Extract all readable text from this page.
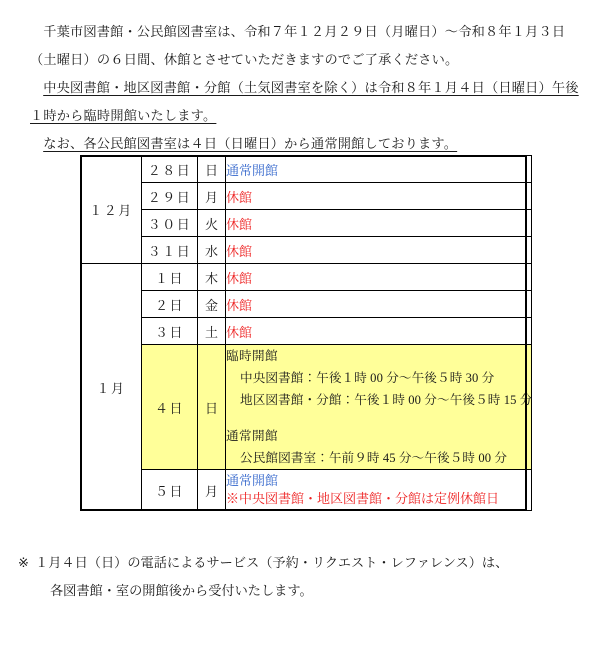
千葉市図書館・公民館図書室は、令和７年１２月２９日（月曜日）～令和８年１月３日（土曜日）の６日間、休館とさせていただきますのでご了承ください。

中央図書館・地区図書館・分館（土気図書室を除く）は令和８年１月４日（日曜日）午後１時から臨時開館いたします。

なお、各公民館図書室は４日（日曜日）から通常開館しております。

１２月	２８日	日	通常開館
	２９日	月	休館
	３０日	火	休館
	３１日	水	休館
１月	１日	木	休館
	２日	金	休館
	３日	土	休館
	４日	日	臨時開館
中央図書館：午後１時 00 分～午後５時 30 分
地区図書館・分館：午後１時 00 分～午後５時 15 分
通常開館
公民館図書室：午前９時 45 分～午後５時 00 分

	５日	月	通常開館
※中央図書館・地区図書館・分館は定例休館日
※ １月４日（日）の電話によるサービス（予約・リクエスト・レファレンス）は、
各図書館・室の開館後から受付いたします。
